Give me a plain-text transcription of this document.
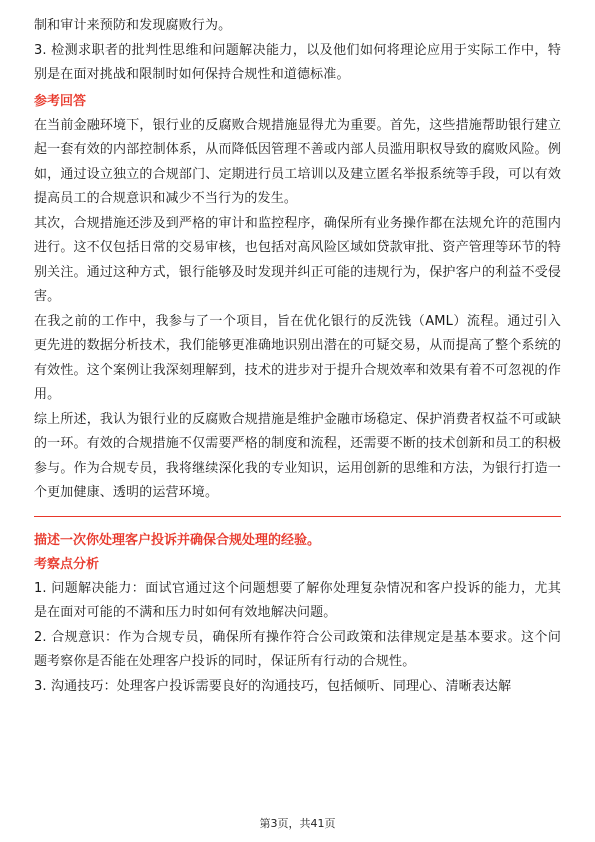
制和审计来预防和发现腐败行为。

3. 检测求职者的批判性思维和问题解决能力，以及他们如何将理论应用于实际工作中，特别是在面对挑战和限制时如何保持合规性和道德标准。

参考回答

在当前金融环境下，银行业的反腐败合规措施显得尤为重要。首先，这些措施帮助银行建立起一套有效的内部控制体系，从而降低因管理不善或内部人员滥用职权导致的腐败风险。例如，通过设立独立的合规部门、定期进行员工培训以及建立匿名举报系统等手段，可以有效提高员工的合规意识和减少不当行为的发生。

其次，合规措施还涉及到严格的审计和监控程序，确保所有业务操作都在法规允许的范围内进行。这不仅包括日常的交易审核，也包括对高风险区域如贷款审批、资产管理等环节的特别关注。通过这种方式，银行能够及时发现并纠正可能的违规行为，保护客户的利益不受侵害。

在我之前的工作中，我参与了一个项目，旨在优化银行的反洗钱（AML）流程。通过引入更先进的数据分析技术，我们能够更准确地识别出潜在的可疑交易，从而提高了整个系统的有效性。这个案例让我深刻理解到，技术的进步对于提升合规效率和效果有着不可忽视的作用。

综上所述，我认为银行业的反腐败合规措施是维护金融市场稳定、保护消费者权益不可或缺的一环。有效的合规措施不仅需要严格的制度和流程，还需要不断的技术创新和员工的积极参与。作为合规专员，我将继续深化我的专业知识，运用创新的思维和方法，为银行打造一个更加健康、透明的运营环境。

描述一次你处理客户投诉并确保合规处理的经验。
考察点分析

1. 问题解决能力：面试官通过这个问题想要了解你处理复杂情况和客户投诉的能力，尤其是在面对可能的不满和压力时如何有效地解决问题。

2. 合规意识：作为合规专员，确保所有操作符合公司政策和法律规定是基本要求。这个问题考察你是否能在处理客户投诉的同时，保证所有行动的合规性。

3. 沟通技巧：处理客户投诉需要良好的沟通技巧，包括倾听、同理心、清晰表达解

第3页，共41页
